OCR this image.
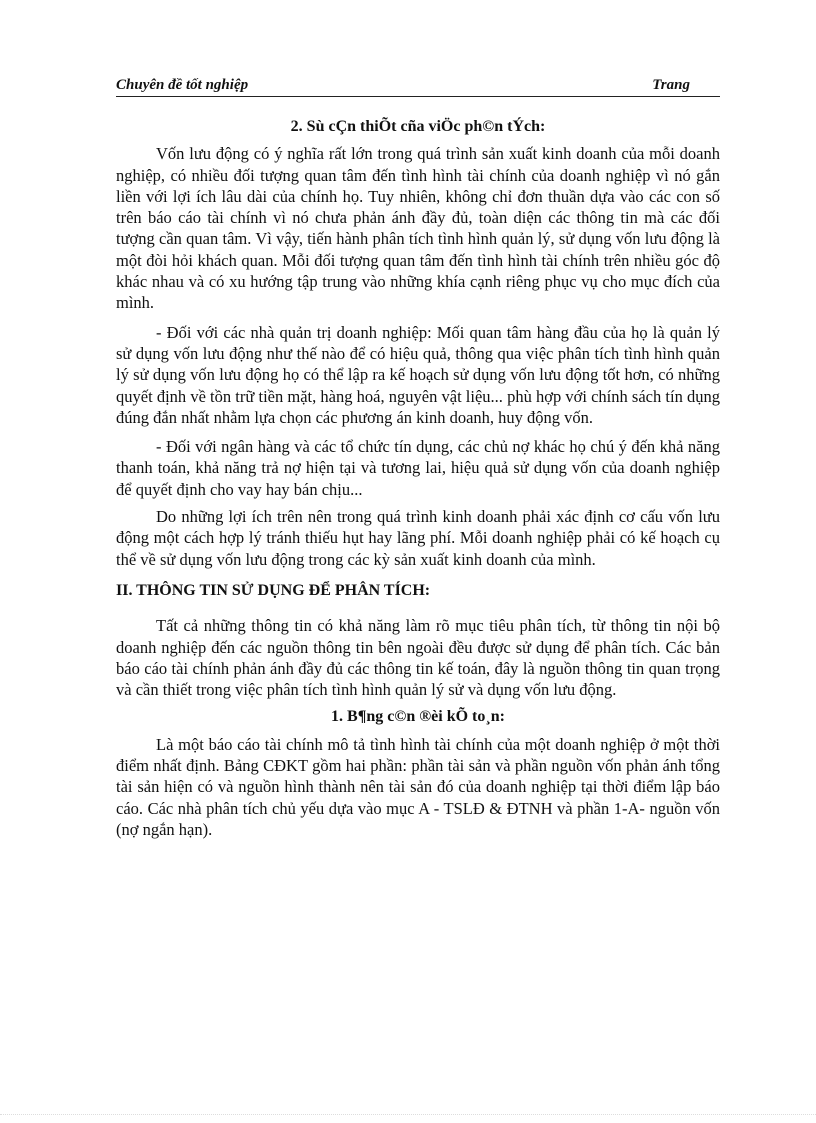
Chuyên đề tốt nghiệp	Trang
2. Sù cÇn thiÕt cña viÖc ph©n tÝch:

Vốn lưu động có ý nghĩa rất lớn trong quá trình sản xuất kinh doanh của mỗi doanh nghiệp, có nhiều đối tượng quan tâm đến tình hình tài chính của doanh nghiệp vì nó gắn liền với lợi ích lâu dài của chính họ. Tuy nhiên, không chỉ đơn thuần dựa vào các con số trên báo cáo tài chính vì nó chưa phản ánh đầy đủ, toàn diện các thông tin mà các đối tượng cần quan tâm. Vì vậy, tiến hành phân tích tình hình quản lý, sử dụng vốn lưu động là một đòi hỏi khách quan. Mỗi đối tượng quan tâm đến tình hình tài chính trên nhiều góc độ khác nhau và có xu hướng tập trung vào những khía cạnh riêng phục vụ cho mục đích của mình.

- Đối với các nhà quản trị doanh nghiệp: Mối quan tâm hàng đầu của họ là quản lý sử dụng vốn lưu động như thế nào để có hiệu quả, thông qua việc phân tích tình hình quản lý sử dụng vốn lưu động họ có thể lập ra kế hoạch sử dụng vốn lưu động tốt hơn, có những quyết định về tồn trữ tiền mặt, hàng hoá, nguyên vật liệu... phù hợp với chính sách tín dụng đúng đắn nhất nhằm lựa chọn các phương án kinh doanh, huy động vốn.

- Đối với ngân hàng và các tổ chức tín dụng, các chủ nợ khác họ chú ý đến khả năng thanh toán, khả năng trả nợ hiện tại và tương lai, hiệu quả sử dụng vốn của doanh nghiệp để quyết định cho vay hay bán chịu...

Do những lợi ích trên nên trong quá trình kinh doanh phải xác định cơ cấu vốn lưu động một cách hợp lý tránh thiếu hụt hay lãng phí. Mỗi doanh nghiệp phải có kế hoạch cụ thể về sử dụng vốn lưu động trong các kỳ sản xuất kinh doanh của mình.

II. THÔNG TIN SỬ DỤNG ĐỂ PHÂN TÍCH:

Tất cả những thông tin có khả năng làm rõ mục tiêu phân tích, từ thông tin nội bộ doanh nghiệp đến các nguồn thông tin bên ngoài đều được sử dụng để phân tích. Các bản báo cáo tài chính phản ánh đầy đủ các thông tin kế toán, đây là nguồn thông tin quan trọng và cần thiết trong việc phân tích tình hình quản lý sử và dụng vốn lưu động.

1. B¶ng c©n ®èi kÕ to¸n:

Là một báo cáo tài chính mô tả tình hình tài chính của một doanh nghiệp ở một thời điểm nhất định. Bảng CĐKT gồm hai phần: phần tài sản và phần nguồn vốn phản ánh tổng tài sản hiện có và nguồn hình thành nên tài sản đó của doanh nghiệp tại thời điểm lập báo cáo. Các nhà phân tích chủ yếu dựa vào mục A - TSLĐ & ĐTNH và phần 1-A- nguồn vốn (nợ ngắn hạn).
